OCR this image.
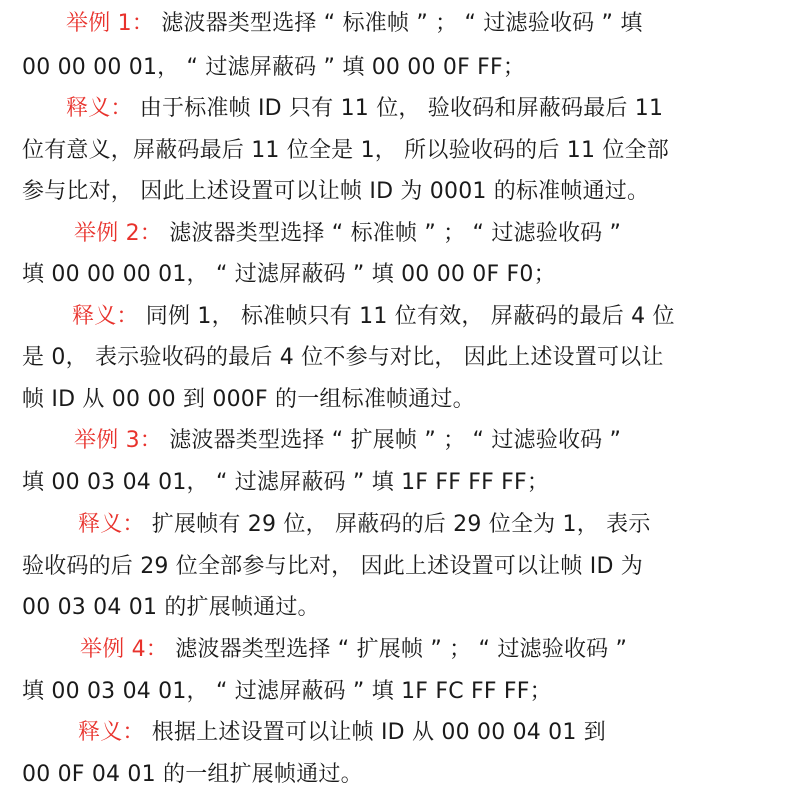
举例 1： 滤波器类型选择 “ 标准帧 ” ； “ 过滤验收码 ” 填
00 00 00 01， “ 过滤屏蔽码 ” 填 00 00 0F FF；
释义： 由于标准帧 ID 只有 11 位， 验收码和屏蔽码最后 11
位有意义，屏蔽码最后 11 位全是 1， 所以验收码的后 11 位全部
参与比对， 因此上述设置可以让帧 ID 为 0001 的标准帧通过。
举例 2： 滤波器类型选择 “ 标准帧 ” ； “ 过滤验收码 ”
填 00 00 00 01， “ 过滤屏蔽码 ” 填 00 00 0F F0；
释义： 同例 1， 标准帧只有 11 位有效， 屏蔽码的最后 4 位
是 0， 表示验收码的最后 4 位不参与对比， 因此上述设置可以让
帧 ID 从 00 00 到 000F 的一组标准帧通过。
举例 3： 滤波器类型选择 “ 扩展帧 ” ； “ 过滤验收码 ”
填 00 03 04 01， “ 过滤屏蔽码 ” 填 1F FF FF FF；
释义： 扩展帧有 29 位， 屏蔽码的后 29 位全为 1， 表示
验收码的后 29 位全部参与比对， 因此上述设置可以让帧 ID 为
00 03 04 01 的扩展帧通过。
举例 4： 滤波器类型选择 “ 扩展帧 ” ； “ 过滤验收码 ”
填 00 03 04 01， “ 过滤屏蔽码 ” 填 1F FC FF FF；
释义： 根据上述设置可以让帧 ID 从 00 00 04 01 到
00 0F 04 01 的一组扩展帧通过。
